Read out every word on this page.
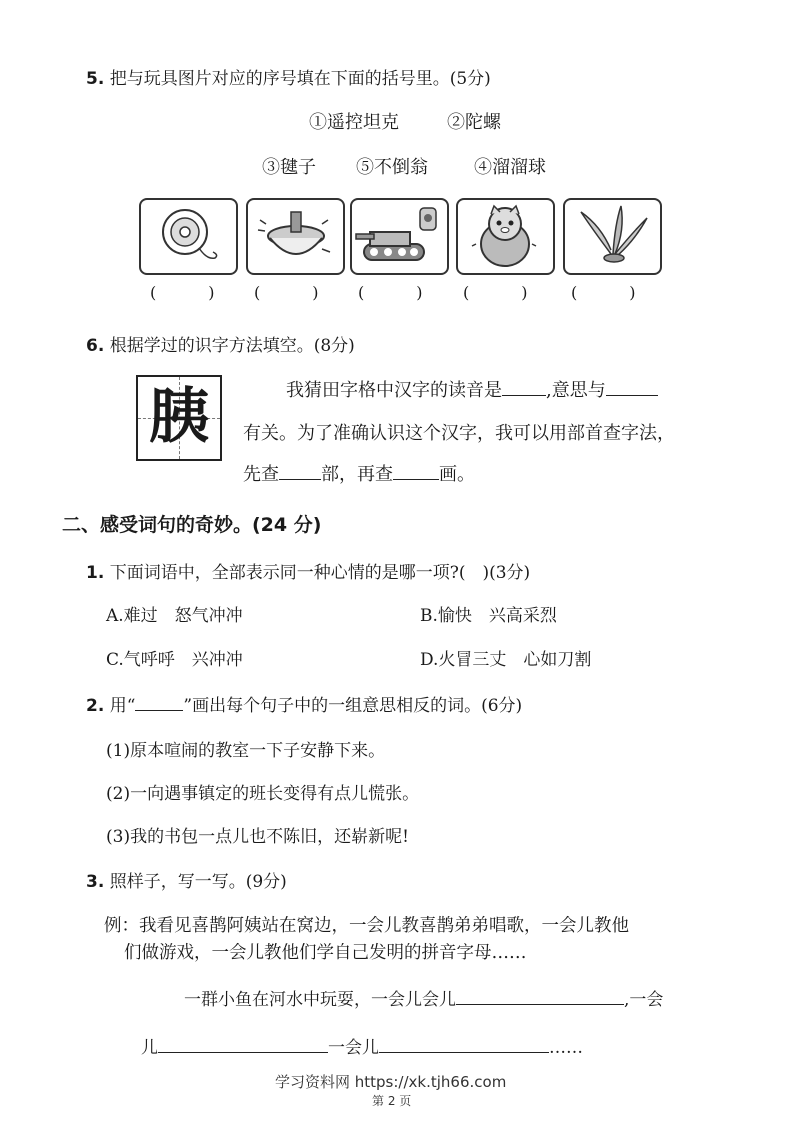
5. 把与玩具图片对应的序号填在下面的括号里。(5分)
①遥控坦克	②陀螺
③毽子 ⑤不倒翁	④溜溜球
(	) (	) (	)	(	)	(	)
6. 根据学过的识字方法填空。(8分)
胰	我猜田字格中汉字的读音是 ,意思与
有关。为了准确认识这个汉字，我可以用部首查字法，
先查 部，再查	画。
二、感受词句的奇妙。(24 分)
1. 下面词语中，全部表示同一种心情的是哪一项?( )(3分)
A.难过 怒气冲冲	B.愉快 兴高采烈
C.气呼呼 兴冲冲	D.火冒三丈 心如刀割
2. 用“	”画出每个句子中的一组意思相反的词。(6分)
(1)原本喧闹的教室一下子安静下来。
(2)一向遇事镇定的班长变得有点儿慌张。
(3)我的书包一点儿也不陈旧，还崭新呢!
3. 照样子，写一写。(9分)
例：我看见喜鹊阿姨站在窝边，一会儿教喜鹊弟弟唱歌，一会儿教他
们做游戏，一会儿教他们学自己发明的拼音字母……
一群小鱼在河水中玩耍，一会儿会儿	,一会
儿	一会儿	……
学习资料网 https://xk.tjh66.com
第 2 页
